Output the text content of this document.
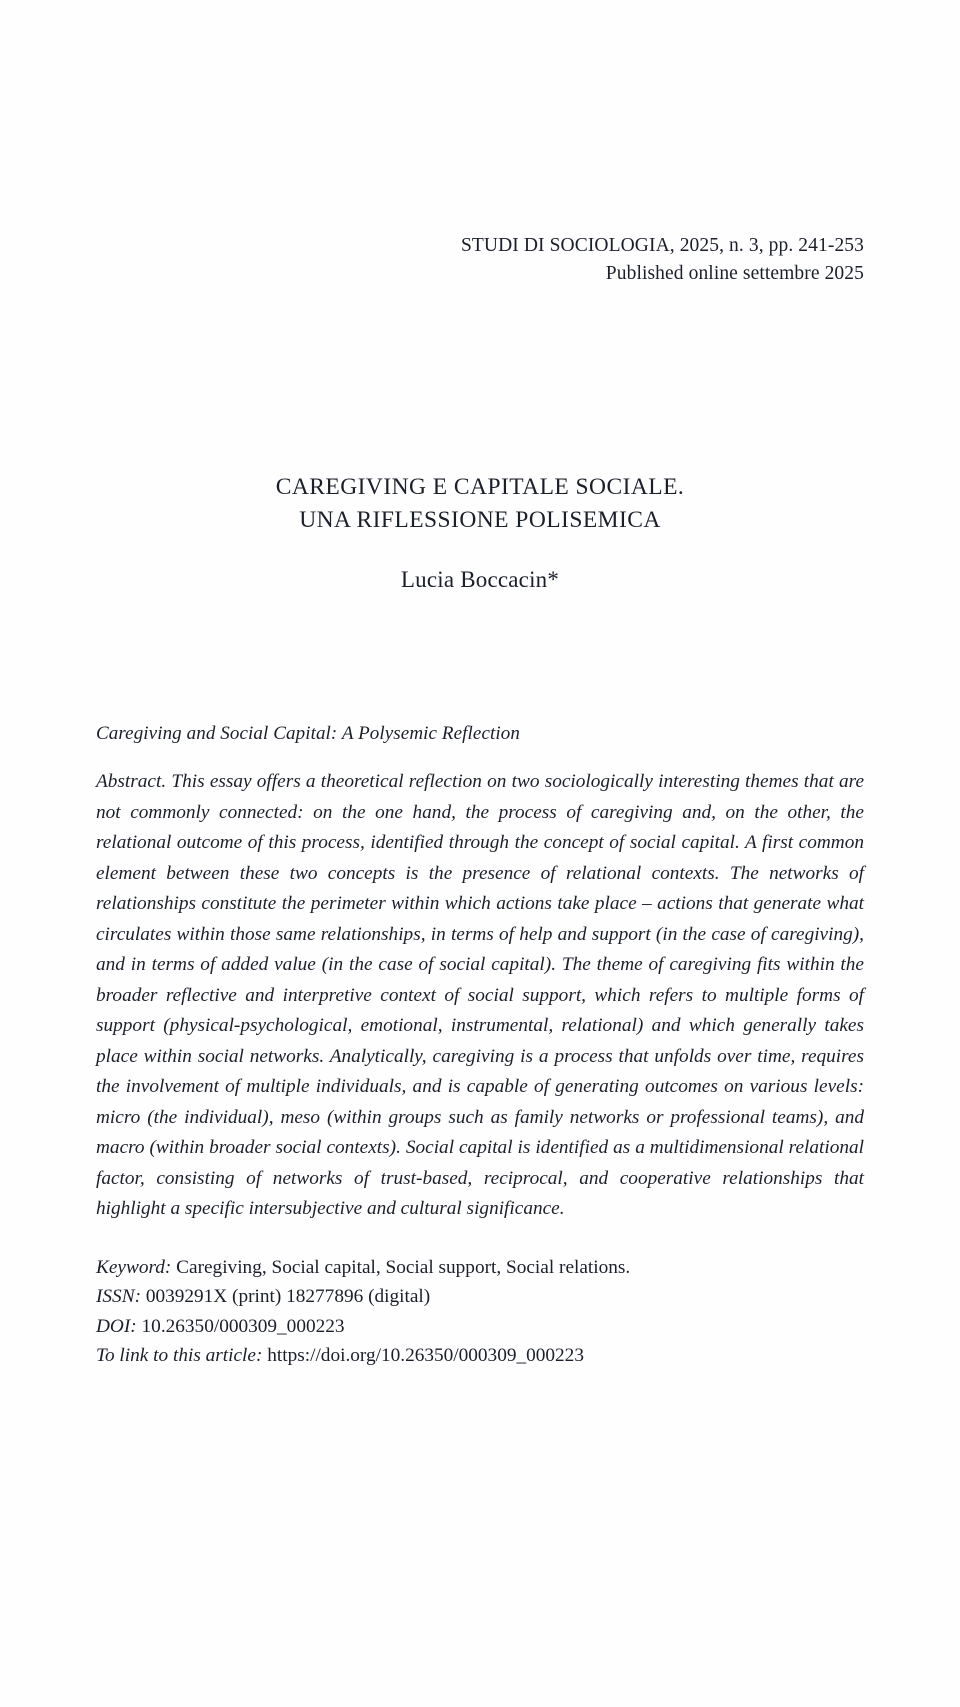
STUDI DI SOCIOLOGIA, 2025, n. 3, pp. 241-253
Published online settembre 2025
CAREGIVING E CAPITALE SOCIALE.
UNA RIFLESSIONE POLISEMICA
Lucia Boccacin*
Caregiving and Social Capital: A Polysemic Reflection

Abstract. This essay offers a theoretical reflection on two sociologically interesting themes that are not commonly connected: on the one hand, the process of caregiving and, on the other, the relational outcome of this process, identified through the concept of social capital. A first common element between these two concepts is the presence of relational contexts. The networks of relationships constitute the perimeter within which actions take place – actions that generate what circulates within those same relationships, in terms of help and support (in the case of caregiving), and in terms of added value (in the case of social capital). The theme of caregiving fits within the broader reflective and interpretive context of social support, which refers to multiple forms of support (physical-psychological, emotional, instrumental, relational) and which generally takes place within social networks. Analytically, caregiving is a process that unfolds over time, requires the involvement of multiple individuals, and is capable of generating outcomes on various levels: micro (the individual), meso (within groups such as family networks or professional teams), and macro (within broader social contexts). Social capital is identified as a multidimensional relational factor, consisting of networks of trust-based, reciprocal, and cooperative relationships that highlight a specific intersubjective and cultural significance.

Keyword: Caregiving, Social capital, Social support, Social relations.
ISSN: 0039291X (print) 18277896 (digital)
DOI: 10.26350/000309_000223
To link to this article: https://doi.org/10.26350/000309_000223
